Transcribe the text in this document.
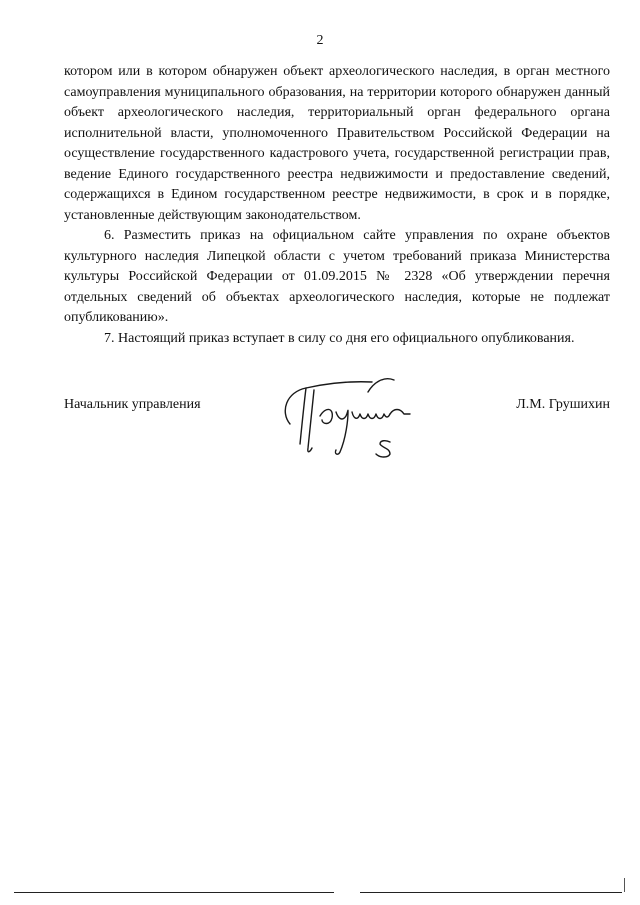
2

котором или в котором обнаружен объект археологического наследия, в орган местного самоуправления муниципального образования, на территории которого обнаружен данный объект археологического наследия, территориальный орган федерального органа исполнительной власти, уполномоченного Правительством Российской Федерации на осуществление государственного кадастрового учета, государственной регистрации прав, ведение Единого государственного реестра недвижимости и предоставление сведений, содержащихся в Едином государственном реестре недвижимости, в срок и в порядке, установленные действующим законодательством.

6. Разместить приказ на официальном сайте управления по охране объектов культурного наследия Липецкой области с учетом требований приказа Министерства культуры Российской Федерации от 01.09.2015 № 2328 «Об утверждении перечня отдельных сведений об объектах археологического наследия, которые не подлежат опубликованию».

7. Настоящий приказ вступает в силу со дня его официального опубликования.

Начальник управления	Л.М. Грушихин
